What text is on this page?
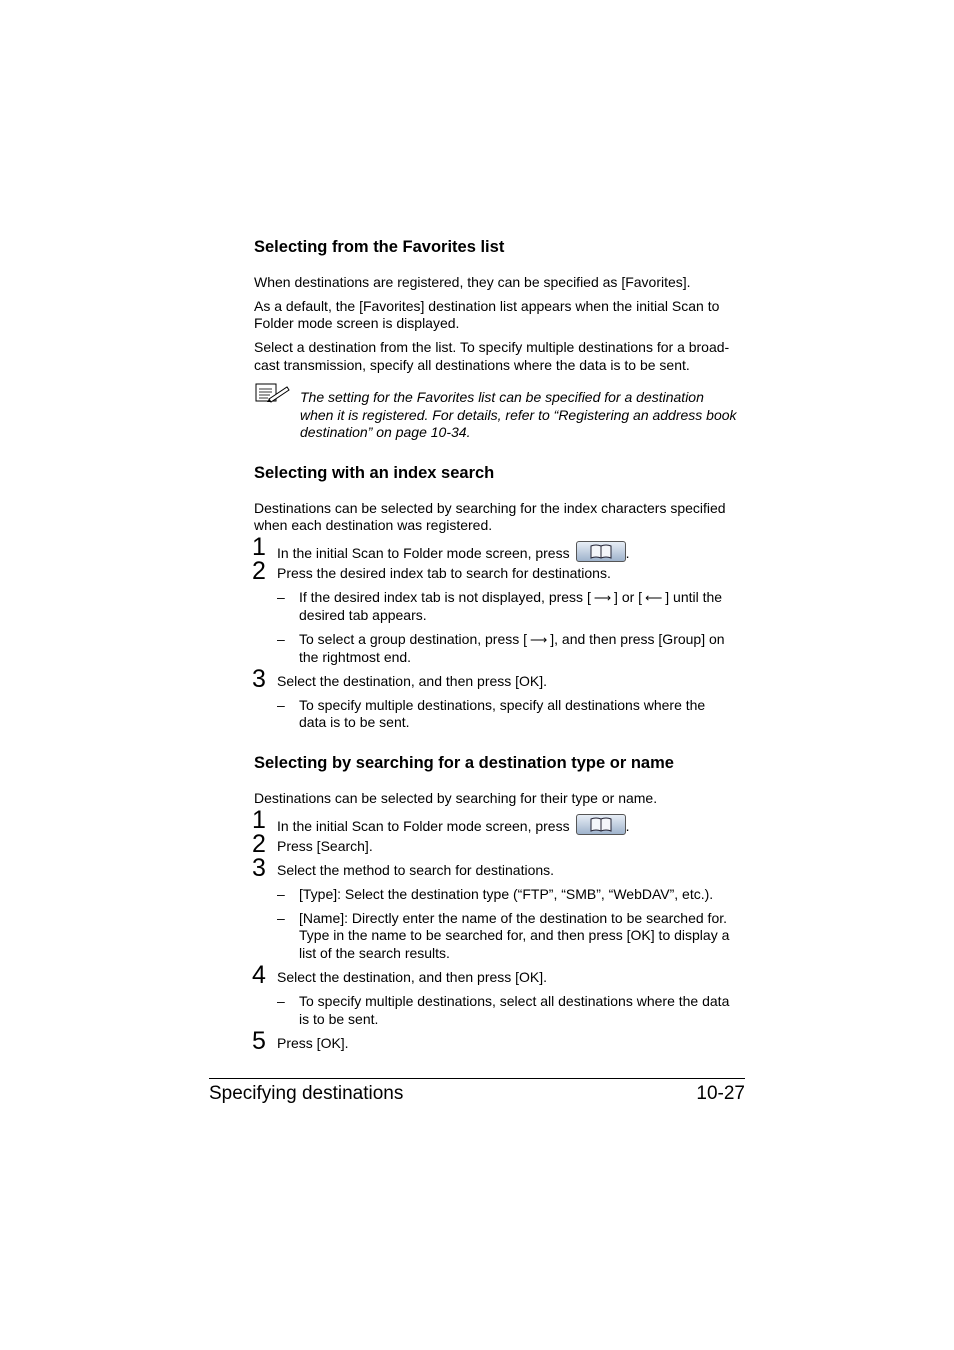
Selecting from the Favorites list
When destinations are registered, they can be specified as [Favorites].
As a default, the [Favorites] destination list appears when the initial Scan to
Folder mode screen is displayed.
Select a destination from the list. To specify multiple destinations for a broad-
cast transmission, specify all destinations where the data is to be sent.
The setting for the Favorites list can be specified for a destination
when it is registered. For details, refer to “Registering an address book
destination” on page 10-34.
Selecting with an index search
Destinations can be selected by searching for the index characters specified
when each destination was registered.
1 In the initial Scan to Folder mode screen, press	.
2 Press the desired index tab to search for destinations.
– If the desired index tab is not displayed, press [ ⟶ ] or [ ⟵ ] until the
desired tab appears.
– To select a group destination, press [ ⟶ ], and then press [Group] on
the rightmost end.
3 Select the destination, and then press [OK].
– To specify multiple destinations, specify all destinations where the
data is to be sent.
Selecting by searching for a destination type or name
Destinations can be selected by searching for their type or name.
1 In the initial Scan to Folder mode screen, press	.
2 Press [Search].
3 Select the method to search for destinations.
– [Type]: Select the destination type (“FTP”, “SMB”, “WebDAV”, etc.).
– [Name]: Directly enter the name of the destination to be searched for.
Type in the name to be searched for, and then press [OK] to display a
list of the search results.
4 Select the destination, and then press [OK].
– To specify multiple destinations, select all destinations where the data
is to be sent.
5 Press [OK].
Specifying destinations	10-27
